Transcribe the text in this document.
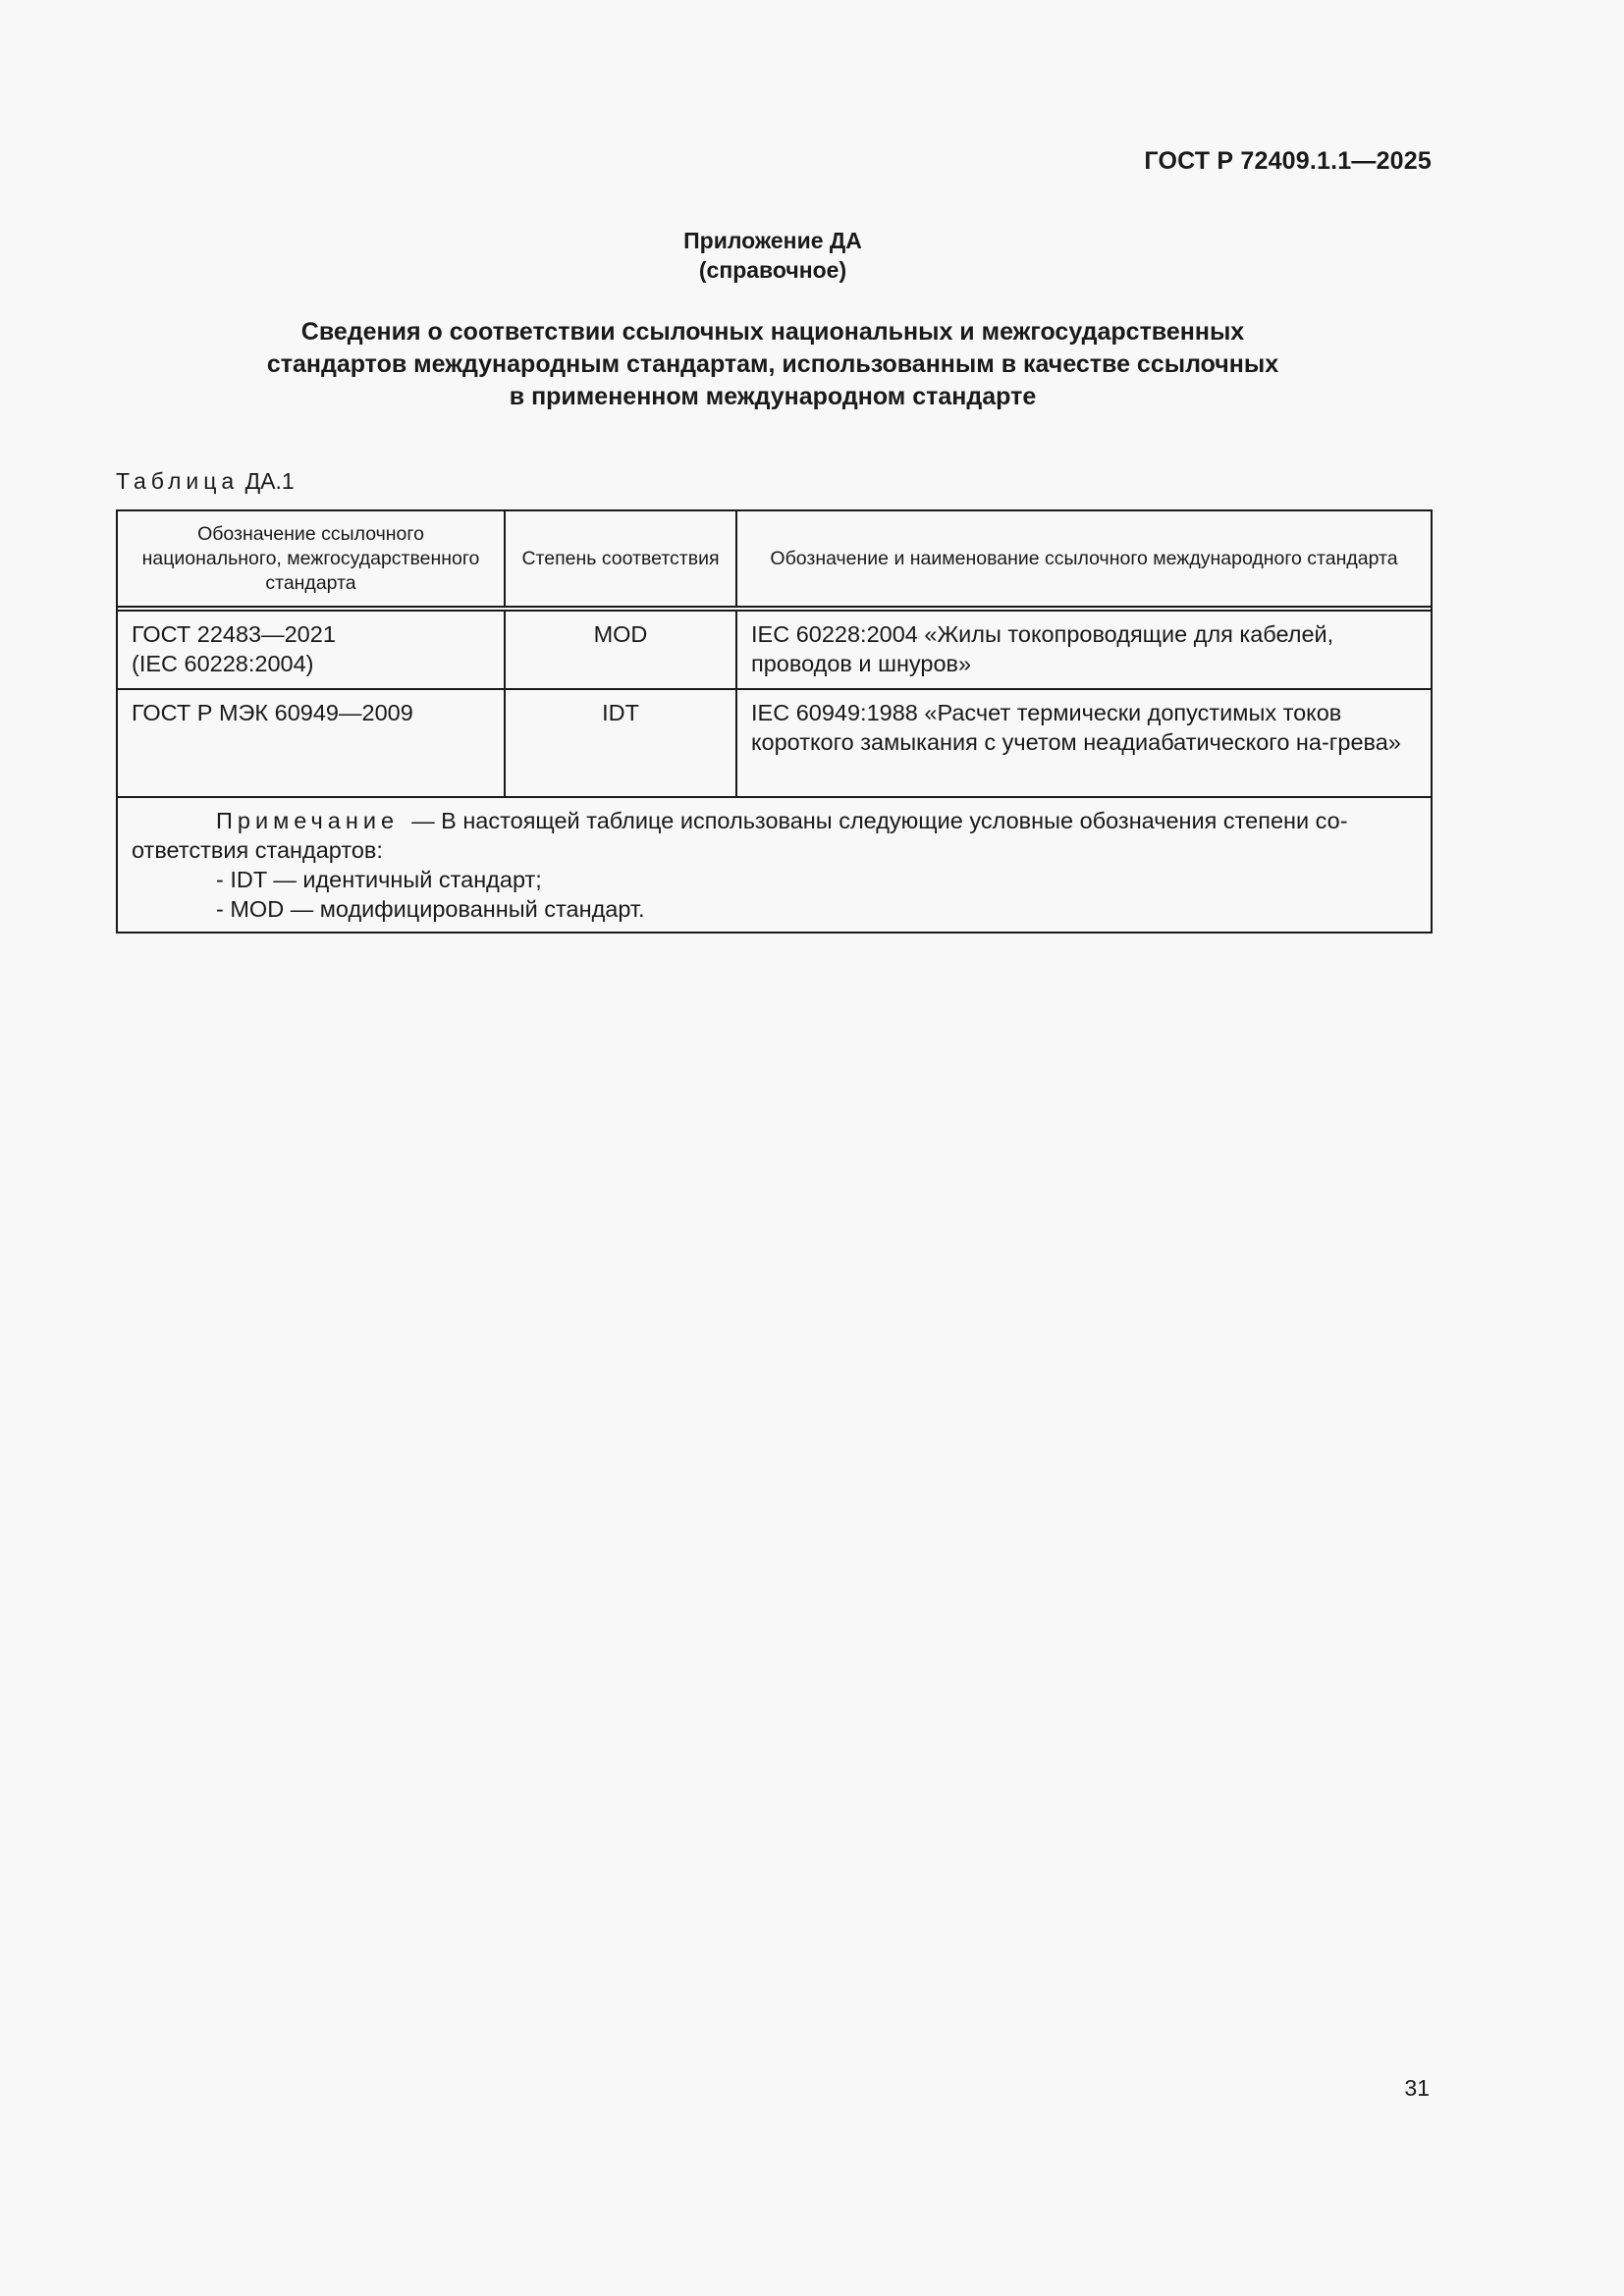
ГОСТ Р 72409.1.1—2025
Приложение ДА
(справочное)
Сведения о соответствии ссылочных национальных и межгосударственных
стандартов международным стандартам, использованным в качестве ссылочных
в примененном международном стандарте
Таблица ДА.1
Обозначение ссылочного национального, межгосударственного стандарта	Степень соответствия	Обозначение и наименование ссылочного международного стандарта

ГОСТ 22483—2021
(IEC 60228:2004)	MOD	IEC 60228:2004 «Жилы токопроводящие для кабелей, проводов и шнуров»

ГОСТ Р МЭК 60949—2009	IDT	IEC 60949:1988 «Расчет термически допустимых токов короткого замыкания с учетом неадиабатического на-грева»

Примечание — В настоящей таблице использованы следующие условные обозначения степени со-ответствия стандартов:
- IDT — идентичный стандарт;
- MOD — модифицированный стандарт.		
31
